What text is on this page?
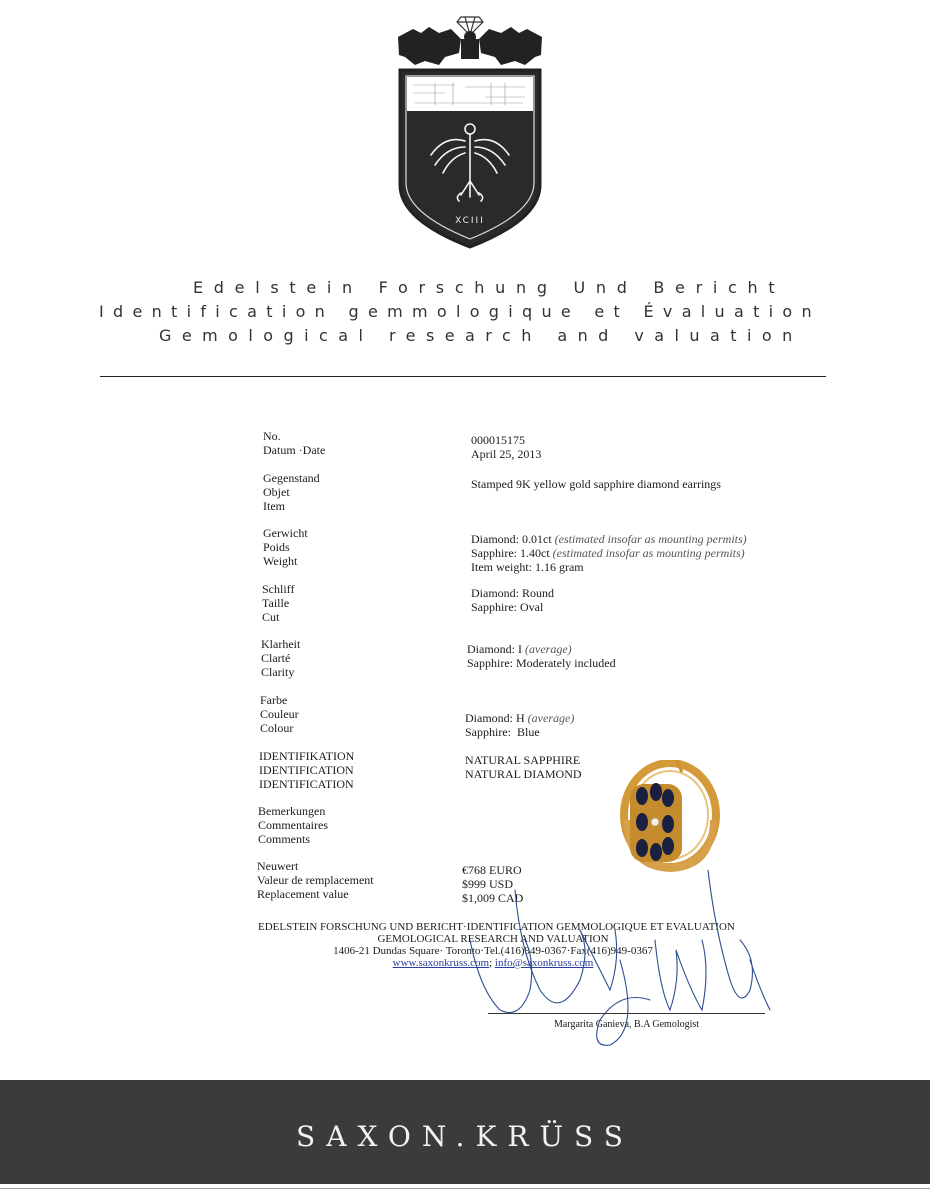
XCIII
Edelstein Forschung Und Bericht
Identification gemmologique et Évaluation
Gemological research and valuation
No.
Datum ·Date
000015175
April 25, 2013
Gegenstand
Objet
Item
Stamped 9K yellow gold sapphire diamond earrings
Gerwicht
Poids
Weight
Diamond: 0.01ct (estimated insofar as mounting permits)
Sapphire: 1.40ct (estimated insofar as mounting permits)
Item weight: 1.16 gram
Schliff
Taille
Cut
Diamond: Round
Sapphire: Oval
Klarheit
Clarté
Clarity
Diamond: I (average)
Sapphire: Moderately included
Farbe
Couleur
Colour
Diamond: H (average)
Sapphire:  Blue
IDENTIFIKATION
IDENTIFICATION
IDENTIFICATION
NATURAL SAPPHIRE
NATURAL DIAMOND
Bemerkungen
Commentaires
Comments
Neuwert
Valeur de remplacement
Replacement value
€768 EURO
$999 USD
$1,009 CAD
EDELSTEIN FORSCHUNG UND BERICHT·IDENTIFICATION GEMMOLOGIQUE ET EVALUATION
GEMOLOGICAL RESEARCH AND VALUATION
1406-21 Dundas Square· Toronto·Tel.(416)949-0367·Fax(416)949-0367
www.saxonkruss.com; info@saxonkruss.com
Margarita Ganieva, B.A Gemologist
SAXON.KRÜSS
